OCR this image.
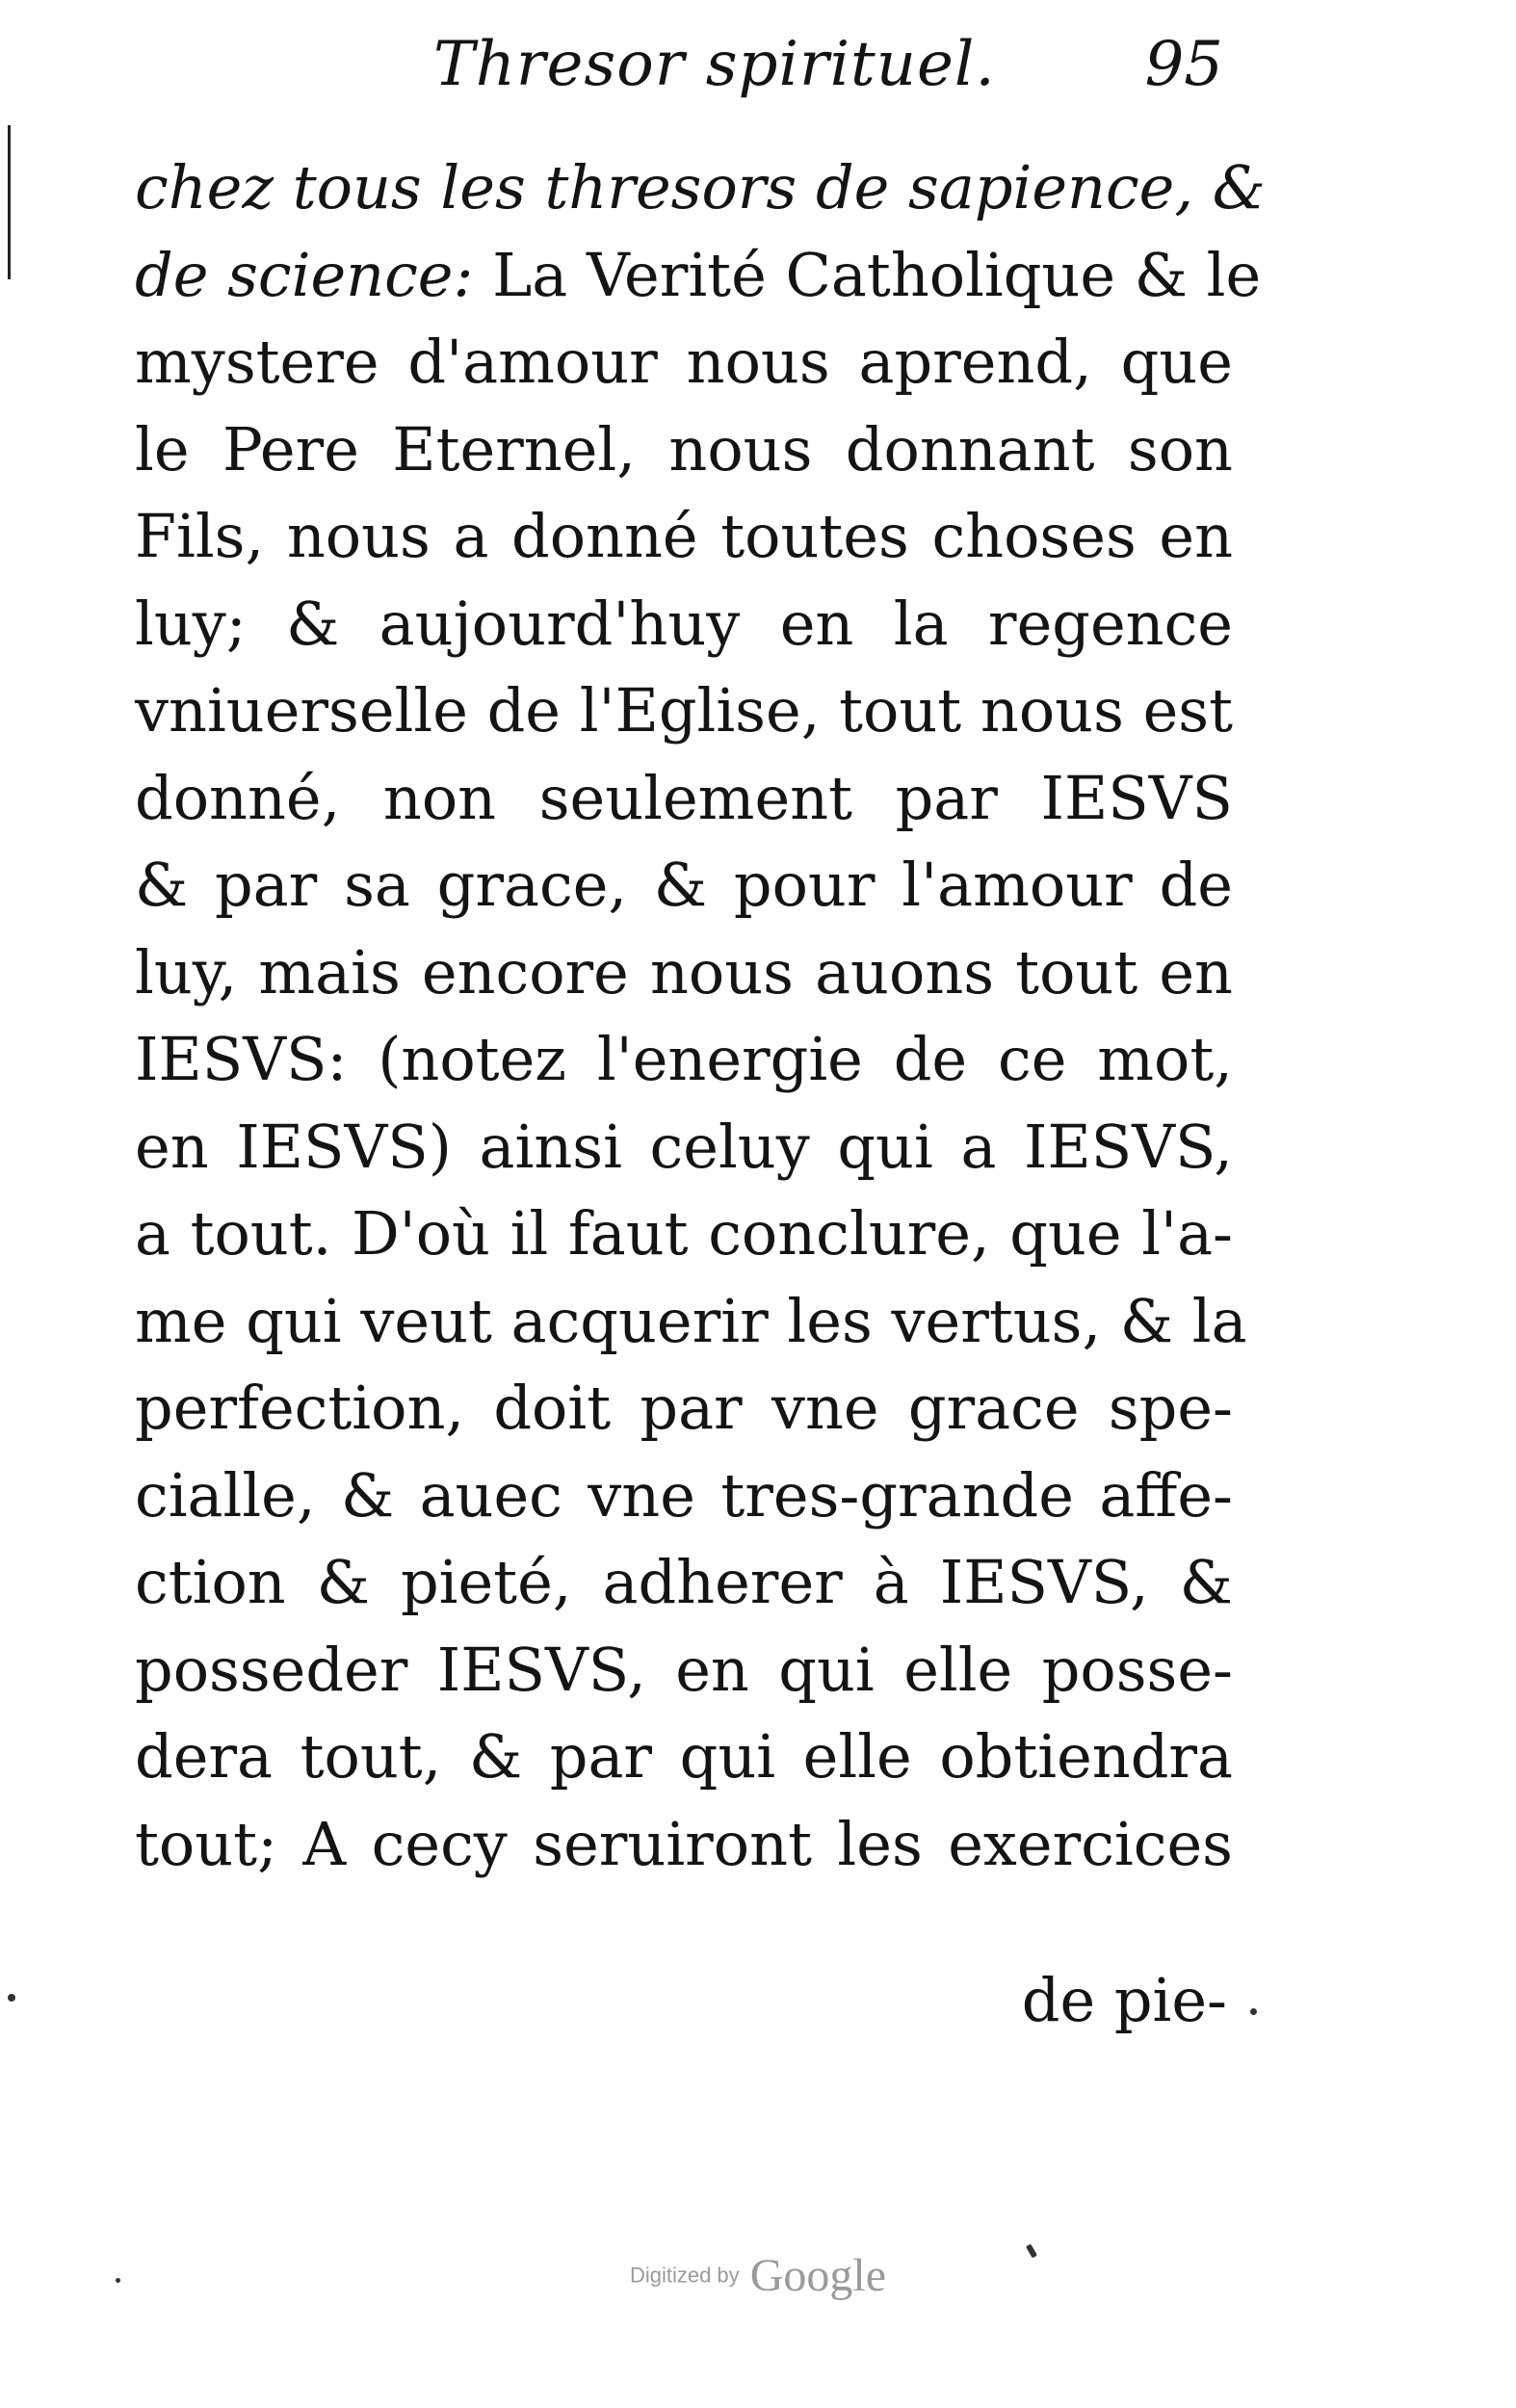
Thresor spirituel. 95
chez tous les thresors de sapience, &
de science: La Verité Catholique & le
mystere d'amour nous aprend, que
le Pere Eternel, nous donnant son
Fils, nous a donné toutes choses en
luy; & aujourd'huy en la regence
vniuerselle de l'Eglise, tout nous est
donné, non seulement par IESVS
& par sa grace, & pour l'amour de
luy, mais encore nous auons tout en
IESVS: (notez l'energie de ce mot,
en IESVS) ainsi celuy qui a IESVS,
a tout. D'où il faut conclure, que l'a-
me qui veut acquerir les vertus, & la
perfection, doit par vne grace spe-
cialle, & auec vne tres-grande affe-
ction & pieté, adherer à IESVS, &
posseder IESVS, en qui elle posse-
dera tout, & par qui elle obtiendra
tout; A cecy seruiront les exercices
de pie-
Digitized by Google
